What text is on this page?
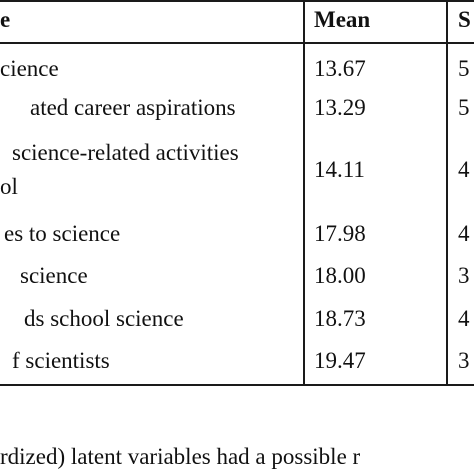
e	Mean	S
cience	13.67	5
ated career aspirations	13.29	5
science-related activities
ol
14.11	4
es to science	17.98	4
science	18.00	3
ds school science	18.73	4
f scientists	19.47	3
rdized) latent variables had a possible r
